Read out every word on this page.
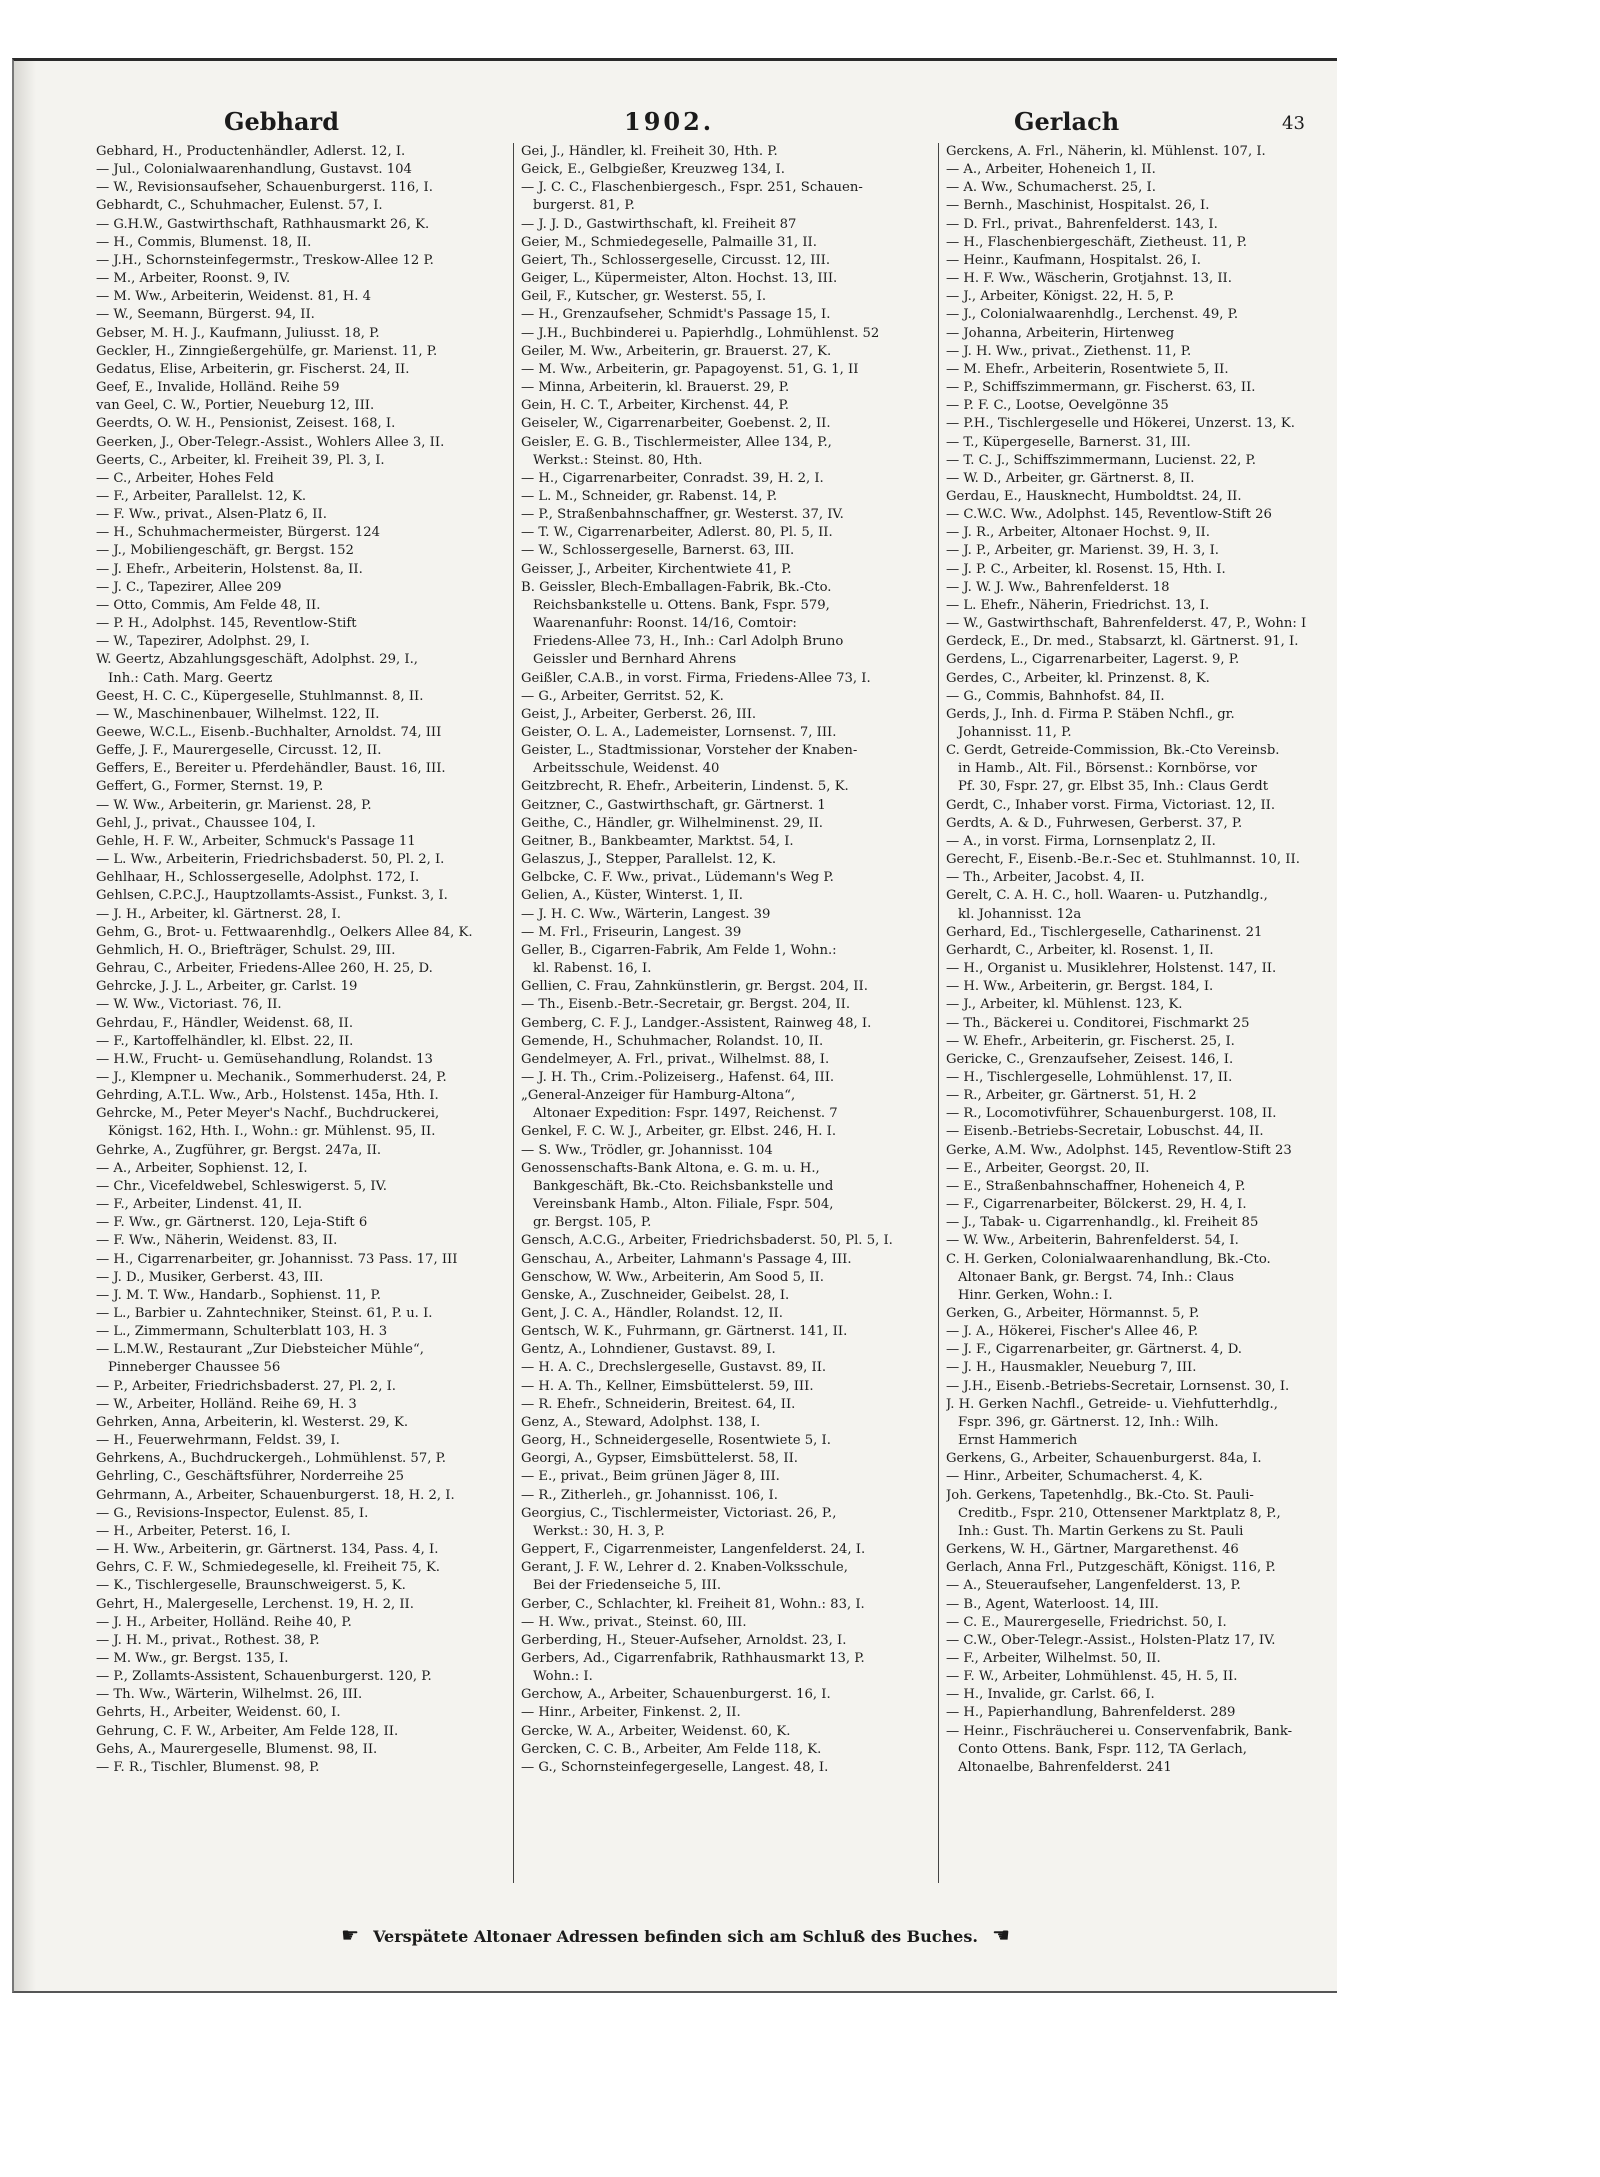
Gebhard	1902.	Gerlach	43
Gebhard, H., Productenhändler, Adlerst. 12, I.
— Jul., Colonialwaarenhandlung, Gustavst. 104
— W., Revisionsaufseher, Schauenburgerst. 116, I.
Gebhardt, C., Schuhmacher, Eulenst. 57, I.
— G.H.W., Gastwirthschaft, Rathhausmarkt 26, K.
— H., Commis, Blumenst. 18, II.
— J.H., Schornsteinfegermstr., Treskow-Allee 12 P.
— M., Arbeiter, Roonst. 9, IV.
— M. Ww., Arbeiterin, Weidenst. 81, H. 4
— W., Seemann, Bürgerst. 94, II.
Gebser, M. H. J., Kaufmann, Juliusst. 18, P.
Geckler, H., Zinngießergehülfe, gr. Marienst. 11, P.
Gedatus, Elise, Arbeiterin, gr. Fischerst. 24, II.
Geef, E., Invalide, Holländ. Reihe 59
van Geel, C. W., Portier, Neueburg 12, III.
Geerdts, O. W. H., Pensionist, Zeisest. 168, I.
Geerken, J., Ober-Telegr.-Assist., Wohlers Allee 3, II.
Geerts, C., Arbeiter, kl. Freiheit 39, Pl. 3, I.
— C., Arbeiter, Hohes Feld
— F., Arbeiter, Parallelst. 12, K.
— F. Ww., privat., Alsen-Platz 6, II.
— H., Schuhmachermeister, Bürgerst. 124
— J., Mobiliengeschäft, gr. Bergst. 152
— J. Ehefr., Arbeiterin, Holstenst. 8a, II.
— J. C., Tapezirer, Allee 209
— Otto, Commis, Am Felde 48, II.
— P. H., Adolphst. 145, Reventlow-Stift
— W., Tapezirer, Adolphst. 29, I.
W. Geertz, Abzahlungsgeschäft, Adolphst. 29, I.,
Inh.: Cath. Marg. Geertz
Geest, H. C. C., Küpergeselle, Stuhlmannst. 8, II.
— W., Maschinenbauer, Wilhelmst. 122, II.
Geewe, W.C.L., Eisenb.-Buchhalter, Arnoldst. 74, III
Geffe, J. F., Maurergeselle, Circusst. 12, II.
Geffers, E., Bereiter u. Pferdehändler, Baust. 16, III.
Geffert, G., Former, Sternst. 19, P.
— W. Ww., Arbeiterin, gr. Marienst. 28, P.
Gehl, J., privat., Chaussee 104, I.
Gehle, H. F. W., Arbeiter, Schmuck's Passage 11
— L. Ww., Arbeiterin, Friedrichsbaderst. 50, Pl. 2, I.
Gehlhaar, H., Schlossergeselle, Adolphst. 172, I.
Gehlsen, C.P.C.J., Hauptzollamts-Assist., Funkst. 3, I.
— J. H., Arbeiter, kl. Gärtnerst. 28, I.
Gehm, G., Brot- u. Fettwaarenhdlg., Oelkers Allee 84, K.
Gehmlich, H. O., Briefträger, Schulst. 29, III.
Gehrau, C., Arbeiter, Friedens-Allee 260, H. 25, D.
Gehrcke, J. J. L., Arbeiter, gr. Carlst. 19
— W. Ww., Victoriast. 76, II.
Gehrdau, F., Händler, Weidenst. 68, II.
— F., Kartoffelhändler, kl. Elbst. 22, II.
— H.W., Frucht- u. Gemüsehandlung, Rolandst. 13
— J., Klempner u. Mechanik., Sommerhuderst. 24, P.
Gehrding, A.T.L. Ww., Arb., Holstenst. 145a, Hth. I.
Gehrcke, M., Peter Meyer's Nachf., Buchdruckerei,
Königst. 162, Hth. I., Wohn.: gr. Mühlenst. 95, II.
Gehrke, A., Zugführer, gr. Bergst. 247a, II.
— A., Arbeiter, Sophienst. 12, I.
— Chr., Vicefeldwebel, Schleswigerst. 5, IV.
— F., Arbeiter, Lindenst. 41, II.
— F. Ww., gr. Gärtnerst. 120, Leja-Stift 6
— F. Ww., Näherin, Weidenst. 83, II.
— H., Cigarrenarbeiter, gr. Johannisst. 73 Pass. 17, III
— J. D., Musiker, Gerberst. 43, III.
— J. M. T. Ww., Handarb., Sophienst. 11, P.
— L., Barbier u. Zahntechniker, Steinst. 61, P. u. I.
— L., Zimmermann, Schulterblatt 103, H. 3
— L.M.W., Restaurant „Zur Diebsteicher Mühle“,
Pinneberger Chaussee 56
— P., Arbeiter, Friedrichsbaderst. 27, Pl. 2, I.
— W., Arbeiter, Holländ. Reihe 69, H. 3
Gehrken, Anna, Arbeiterin, kl. Westerst. 29, K.
— H., Feuerwehrmann, Feldst. 39, I.
Gehrkens, A., Buchdruckergeh., Lohmühlenst. 57, P.
Gehrling, C., Geschäftsführer, Norderreihe 25
Gehrmann, A., Arbeiter, Schauenburgerst. 18, H. 2, I.
— G., Revisions-Inspector, Eulenst. 85, I.
— H., Arbeiter, Peterst. 16, I.
— H. Ww., Arbeiterin, gr. Gärtnerst. 134, Pass. 4, I.
Gehrs, C. F. W., Schmiedegeselle, kl. Freiheit 75, K.
— K., Tischlergeselle, Braunschweigerst. 5, K.
Gehrt, H., Malergeselle, Lerchenst. 19, H. 2, II.
— J. H., Arbeiter, Holländ. Reihe 40, P.
— J. H. M., privat., Rothest. 38, P.
— M. Ww., gr. Bergst. 135, I.
— P., Zollamts-Assistent, Schauenburgerst. 120, P.
— Th. Ww., Wärterin, Wilhelmst. 26, III.
Gehrts, H., Arbeiter, Weidenst. 60, I.
Gehrung, C. F. W., Arbeiter, Am Felde 128, II.
Gehs, A., Maurergeselle, Blumenst. 98, II.
— F. R., Tischler, Blumenst. 98, P.
Gei, J., Händler, kl. Freiheit 30, Hth. P.
Geick, E., Gelbgießer, Kreuzweg 134, I.
— J. C. C., Flaschenbiergesch., Fspr. 251, Schauen-
burgerst. 81, P.
— J. J. D., Gastwirthschaft, kl. Freiheit 87
Geier, M., Schmiedegeselle, Palmaille 31, II.
Geiert, Th., Schlossergeselle, Circusst. 12, III.
Geiger, L., Küpermeister, Alton. Hochst. 13, III.
Geil, F., Kutscher, gr. Westerst. 55, I.
— H., Grenzaufseher, Schmidt's Passage 15, I.
— J.H., Buchbinderei u. Papierhdlg., Lohmühlenst. 52
Geiler, M. Ww., Arbeiterin, gr. Brauerst. 27, K.
— M. Ww., Arbeiterin, gr. Papagoyenst. 51, G. 1, II
— Minna, Arbeiterin, kl. Brauerst. 29, P.
Gein, H. C. T., Arbeiter, Kirchenst. 44, P.
Geiseler, W., Cigarrenarbeiter, Goebenst. 2, II.
Geisler, E. G. B., Tischlermeister, Allee 134, P.,
Werkst.: Steinst. 80, Hth.
— H., Cigarrenarbeiter, Conradst. 39, H. 2, I.
— L. M., Schneider, gr. Rabenst. 14, P.
— P., Straßenbahnschaffner, gr. Westerst. 37, IV.
— T. W., Cigarrenarbeiter, Adlerst. 80, Pl. 5, II.
— W., Schlossergeselle, Barnerst. 63, III.
Geisser, J., Arbeiter, Kirchentwiete 41, P.
B. Geissler, Blech-Emballagen-Fabrik, Bk.-Cto.
Reichsbankstelle u. Ottens. Bank, Fspr. 579,
Waarenanfuhr: Roonst. 14/16, Comtoir:
Friedens-Allee 73, H., Inh.: Carl Adolph Bruno
Geissler und Bernhard Ahrens
Geißler, C.A.B., in vorst. Firma, Friedens-Allee 73, I.
— G., Arbeiter, Gerritst. 52, K.
Geist, J., Arbeiter, Gerberst. 26, III.
Geister, O. L. A., Lademeister, Lornsenst. 7, III.
Geister, L., Stadtmissionar, Vorsteher der Knaben-
Arbeitsschule, Weidenst. 40
Geitzbrecht, R. Ehefr., Arbeiterin, Lindenst. 5, K.
Geitzner, C., Gastwirthschaft, gr. Gärtnerst. 1
Geithe, C., Händler, gr. Wilhelminenst. 29, II.
Geitner, B., Bankbeamter, Marktst. 54, I.
Gelaszus, J., Stepper, Parallelst. 12, K.
Gelbcke, C. F. Ww., privat., Lüdemann's Weg P.
Gelien, A., Küster, Winterst. 1, II.
— J. H. C. Ww., Wärterin, Langest. 39
— M. Frl., Friseurin, Langest. 39
Geller, B., Cigarren-Fabrik, Am Felde 1, Wohn.:
kl. Rabenst. 16, I.
Gellien, C. Frau, Zahnkünstlerin, gr. Bergst. 204, II.
— Th., Eisenb.-Betr.-Secretair, gr. Bergst. 204, II.
Gemberg, C. F. J., Landger.-Assistent, Rainweg 48, I.
Gemende, H., Schuhmacher, Rolandst. 10, II.
Gendelmeyer, A. Frl., privat., Wilhelmst. 88, I.
— J. H. Th., Crim.-Polizeiserg., Hafenst. 64, III.
„General-Anzeiger für Hamburg-Altona“,
Altonaer Expedition: Fspr. 1497, Reichenst. 7
Genkel, F. C. W. J., Arbeiter, gr. Elbst. 246, H. I.
— S. Ww., Trödler, gr. Johannisst. 104
Genossenschafts-Bank Altona, e. G. m. u. H.,
Bankgeschäft, Bk.-Cto. Reichsbankstelle und
Vereinsbank Hamb., Alton. Filiale, Fspr. 504,
gr. Bergst. 105, P.
Gensch, A.C.G., Arbeiter, Friedrichsbaderst. 50, Pl. 5, I.
Genschau, A., Arbeiter, Lahmann's Passage 4, III.
Genschow, W. Ww., Arbeiterin, Am Sood 5, II.
Genske, A., Zuschneider, Geibelst. 28, I.
Gent, J. C. A., Händler, Rolandst. 12, II.
Gentsch, W. K., Fuhrmann, gr. Gärtnerst. 141, II.
Gentz, A., Lohndiener, Gustavst. 89, I.
— H. A. C., Drechslergeselle, Gustavst. 89, II.
— H. A. Th., Kellner, Eimsbüttelerst. 59, III.
— R. Ehefr., Schneiderin, Breitest. 64, II.
Genz, A., Steward, Adolphst. 138, I.
Georg, H., Schneidergeselle, Rosentwiete 5, I.
Georgi, A., Gypser, Eimsbüttelerst. 58, II.
— E., privat., Beim grünen Jäger 8, III.
— R., Zitherleh., gr. Johannisst. 106, I.
Georgius, C., Tischlermeister, Victoriast. 26, P.,
Werkst.: 30, H. 3, P.
Geppert, F., Cigarrenmeister, Langenfelderst. 24, I.
Gerant, J. F. W., Lehrer d. 2. Knaben-Volksschule,
Bei der Friedenseiche 5, III.
Gerber, C., Schlachter, kl. Freiheit 81, Wohn.: 83, I.
— H. Ww., privat., Steinst. 60, III.
Gerberding, H., Steuer-Aufseher, Arnoldst. 23, I.
Gerbers, Ad., Cigarrenfabrik, Rathhausmarkt 13, P.
Wohn.: I.
Gerchow, A., Arbeiter, Schauenburgerst. 16, I.
— Hinr., Arbeiter, Finkenst. 2, II.
Gercke, W. A., Arbeiter, Weidenst. 60, K.
Gercken, C. C. B., Arbeiter, Am Felde 118, K.
— G., Schornsteinfegergeselle, Langest. 48, I.
Gerckens, A. Frl., Näherin, kl. Mühlenst. 107, I.
— A., Arbeiter, Hoheneich 1, II.
— A. Ww., Schumacherst. 25, I.
— Bernh., Maschinist, Hospitalst. 26, I.
— D. Frl., privat., Bahrenfelderst. 143, I.
— H., Flaschenbiergeschäft, Zietheust. 11, P.
— Heinr., Kaufmann, Hospitalst. 26, I.
— H. F. Ww., Wäscherin, Grotjahnst. 13, II.
— J., Arbeiter, Königst. 22, H. 5, P.
— J., Colonialwaarenhdlg., Lerchenst. 49, P.
— Johanna, Arbeiterin, Hirtenweg
— J. H. Ww., privat., Ziethenst. 11, P.
— M. Ehefr., Arbeiterin, Rosentwiete 5, II.
— P., Schiffszimmermann, gr. Fischerst. 63, II.
— P. F. C., Lootse, Oevelgönne 35
— P.H., Tischlergeselle und Hökerei, Unzerst. 13, K.
— T., Küpergeselle, Barnerst. 31, III.
— T. C. J., Schiffszimmermann, Lucienst. 22, P.
— W. D., Arbeiter, gr. Gärtnerst. 8, II.
Gerdau, E., Hausknecht, Humboldtst. 24, II.
— C.W.C. Ww., Adolphst. 145, Reventlow-Stift 26
— J. R., Arbeiter, Altonaer Hochst. 9, II.
— J. P., Arbeiter, gr. Marienst. 39, H. 3, I.
— J. P. C., Arbeiter, kl. Rosenst. 15, Hth. I.
— J. W. J. Ww., Bahrenfelderst. 18
— L. Ehefr., Näherin, Friedrichst. 13, I.
— W., Gastwirthschaft, Bahrenfelderst. 47, P., Wohn: I
Gerdeck, E., Dr. med., Stabsarzt, kl. Gärtnerst. 91, I.
Gerdens, L., Cigarrenarbeiter, Lagerst. 9, P.
Gerdes, C., Arbeiter, kl. Prinzenst. 8, K.
— G., Commis, Bahnhofst. 84, II.
Gerds, J., Inh. d. Firma P. Stäben Nchfl., gr.
Johannisst. 11, P.
C. Gerdt, Getreide-Commission, Bk.-Cto Vereinsb.
in Hamb., Alt. Fil., Börsenst.: Kornbörse, vor
Pf. 30, Fspr. 27, gr. Elbst 35, Inh.: Claus Gerdt
Gerdt, C., Inhaber vorst. Firma, Victoriast. 12, II.
Gerdts, A. & D., Fuhrwesen, Gerberst. 37, P.
— A., in vorst. Firma, Lornsenplatz 2, II.
Gerecht, F., Eisenb.-Be.r.-Sec et. Stuhlmannst. 10, II.
— Th., Arbeiter, Jacobst. 4, II.
Gerelt, C. A. H. C., holl. Waaren- u. Putzhandlg.,
kl. Johannisst. 12a
Gerhard, Ed., Tischlergeselle, Catharinenst. 21
Gerhardt, C., Arbeiter, kl. Rosenst. 1, II.
— H., Organist u. Musiklehrer, Holstenst. 147, II.
— H. Ww., Arbeiterin, gr. Bergst. 184, I.
— J., Arbeiter, kl. Mühlenst. 123, K.
— Th., Bäckerei u. Conditorei, Fischmarkt 25
— W. Ehefr., Arbeiterin, gr. Fischerst. 25, I.
Gericke, C., Grenzaufseher, Zeisest. 146, I.
— H., Tischlergeselle, Lohmühlenst. 17, II.
— R., Arbeiter, gr. Gärtnerst. 51, H. 2
— R., Locomotivführer, Schauenburgerst. 108, II.
— Eisenb.-Betriebs-Secretair, Lobuschst. 44, II.
Gerke, A.M. Ww., Adolphst. 145, Reventlow-Stift 23
— E., Arbeiter, Georgst. 20, II.
— E., Straßenbahnschaffner, Hoheneich 4, P.
— F., Cigarrenarbeiter, Bölckerst. 29, H. 4, I.
— J., Tabak- u. Cigarrenhandlg., kl. Freiheit 85
— W. Ww., Arbeiterin, Bahrenfelderst. 54, I.
C. H. Gerken, Colonialwaarenhandlung, Bk.-Cto.
Altonaer Bank, gr. Bergst. 74, Inh.: Claus
Hinr. Gerken, Wohn.: I.
Gerken, G., Arbeiter, Hörmannst. 5, P.
— J. A., Hökerei, Fischer's Allee 46, P.
— J. F., Cigarrenarbeiter, gr. Gärtnerst. 4, D.
— J. H., Hausmakler, Neueburg 7, III.
— J.H., Eisenb.-Betriebs-Secretair, Lornsenst. 30, I.
J. H. Gerken Nachfl., Getreide- u. Viehfutterhdlg.,
Fspr. 396, gr. Gärtnerst. 12, Inh.: Wilh.
Ernst Hammerich
Gerkens, G., Arbeiter, Schauenburgerst. 84a, I.
— Hinr., Arbeiter, Schumacherst. 4, K.
Joh. Gerkens, Tapetenhdlg., Bk.-Cto. St. Pauli-
Creditb., Fspr. 210, Ottensener Marktplatz 8, P.,
Inh.: Gust. Th. Martin Gerkens zu St. Pauli
Gerkens, W. H., Gärtner, Margarethenst. 46
Gerlach, Anna Frl., Putzgeschäft, Königst. 116, P.
— A., Steueraufseher, Langenfelderst. 13, P.
— B., Agent, Waterloost. 14, III.
— C. E., Maurergeselle, Friedrichst. 50, I.
— C.W., Ober-Telegr.-Assist., Holsten-Platz 17, IV.
— F., Arbeiter, Wilhelmst. 50, II.
— F. W., Arbeiter, Lohmühlenst. 45, H. 5, II.
— H., Invalide, gr. Carlst. 66, I.
— H., Papierhandlung, Bahrenfelderst. 289
— Heinr., Fischräucherei u. Conservenfabrik, Bank-
Conto Ottens. Bank, Fspr. 112, TA Gerlach,
Altonaelbe, Bahrenfelderst. 241
☛ Verspätete Altonaer Adressen befinden sich am Schluß des Buches. ☛
